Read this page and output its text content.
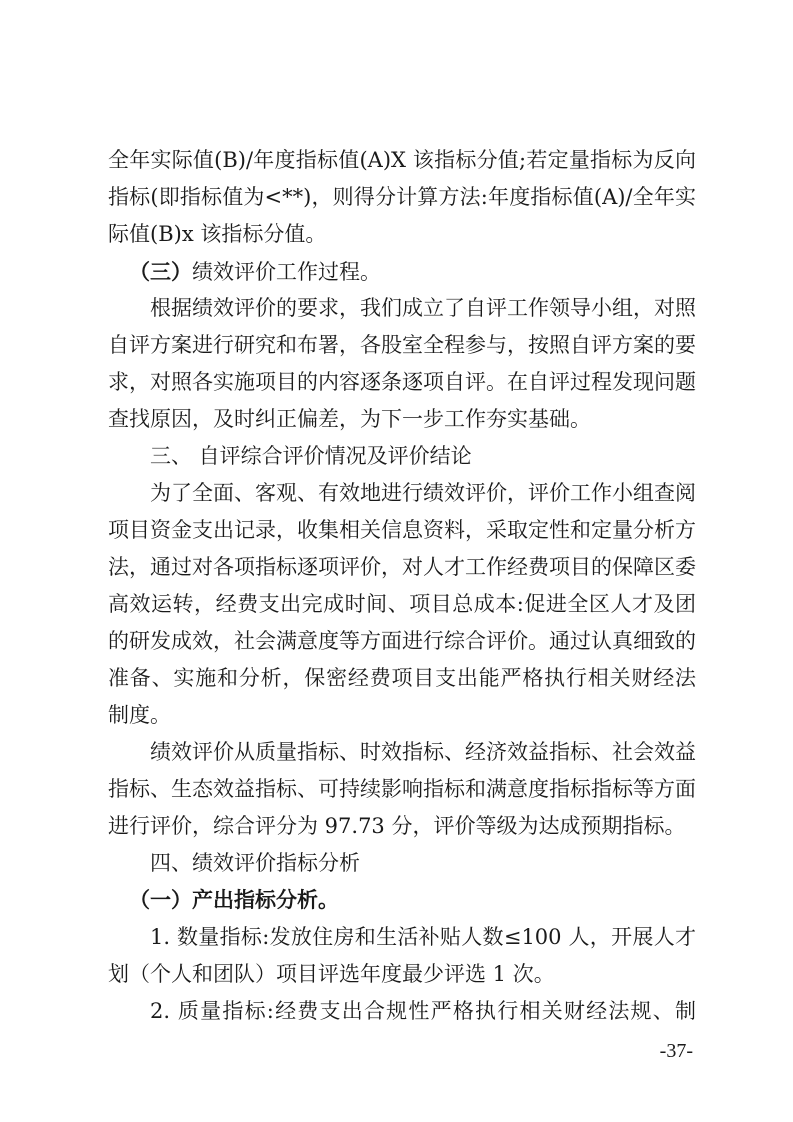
全年实际值(B)/年度指标值(A)X 该指标分值;若定量指标为反向
指标(即指标值为<**)，则得分计算方法:年度指标值(A)/全年实
际值(B)x 该指标分值。
（三）绩效评价工作过程。
根据绩效评价的要求，我们成立了自评工作领导小组，对照
自评方案进行研究和布署，各股室全程参与，按照自评方案的要
求，对照各实施项目的内容逐条逐项自评。在自评过程发现问题
查找原因，及时纠正偏差，为下一步工作夯实基础。
三、 自评综合评价情况及评价结论
为了全面、客观、有效地进行绩效评价，评价工作小组查阅
项目资金支出记录，收集相关信息资料，采取定性和定量分析方
法，通过对各项指标逐项评价，对人才工作经费项目的保障区委
高效运转，经费支出完成时间、项目总成本:促进全区人才及团
的研发成效，社会满意度等方面进行综合评价。通过认真细致的
准备、实施和分析，保密经费项目支出能严格执行相关财经法
制度。
绩效评价从质量指标、时效指标、经济效益指标、社会效益
指标、生态效益指标、可持续影响指标和满意度指标指标等方面
进行评价，综合评分为 97.73 分，评价等级为达成预期指标。
四、绩效评价指标分析
（一）产出指标分析。
1. 数量指标:发放住房和生活补贴人数≤100 人，开展人才
划（个人和团队）项目评选年度最少评选 1 次。
2. 质量指标:经费支出合规性严格执行相关财经法规、制
-37-
